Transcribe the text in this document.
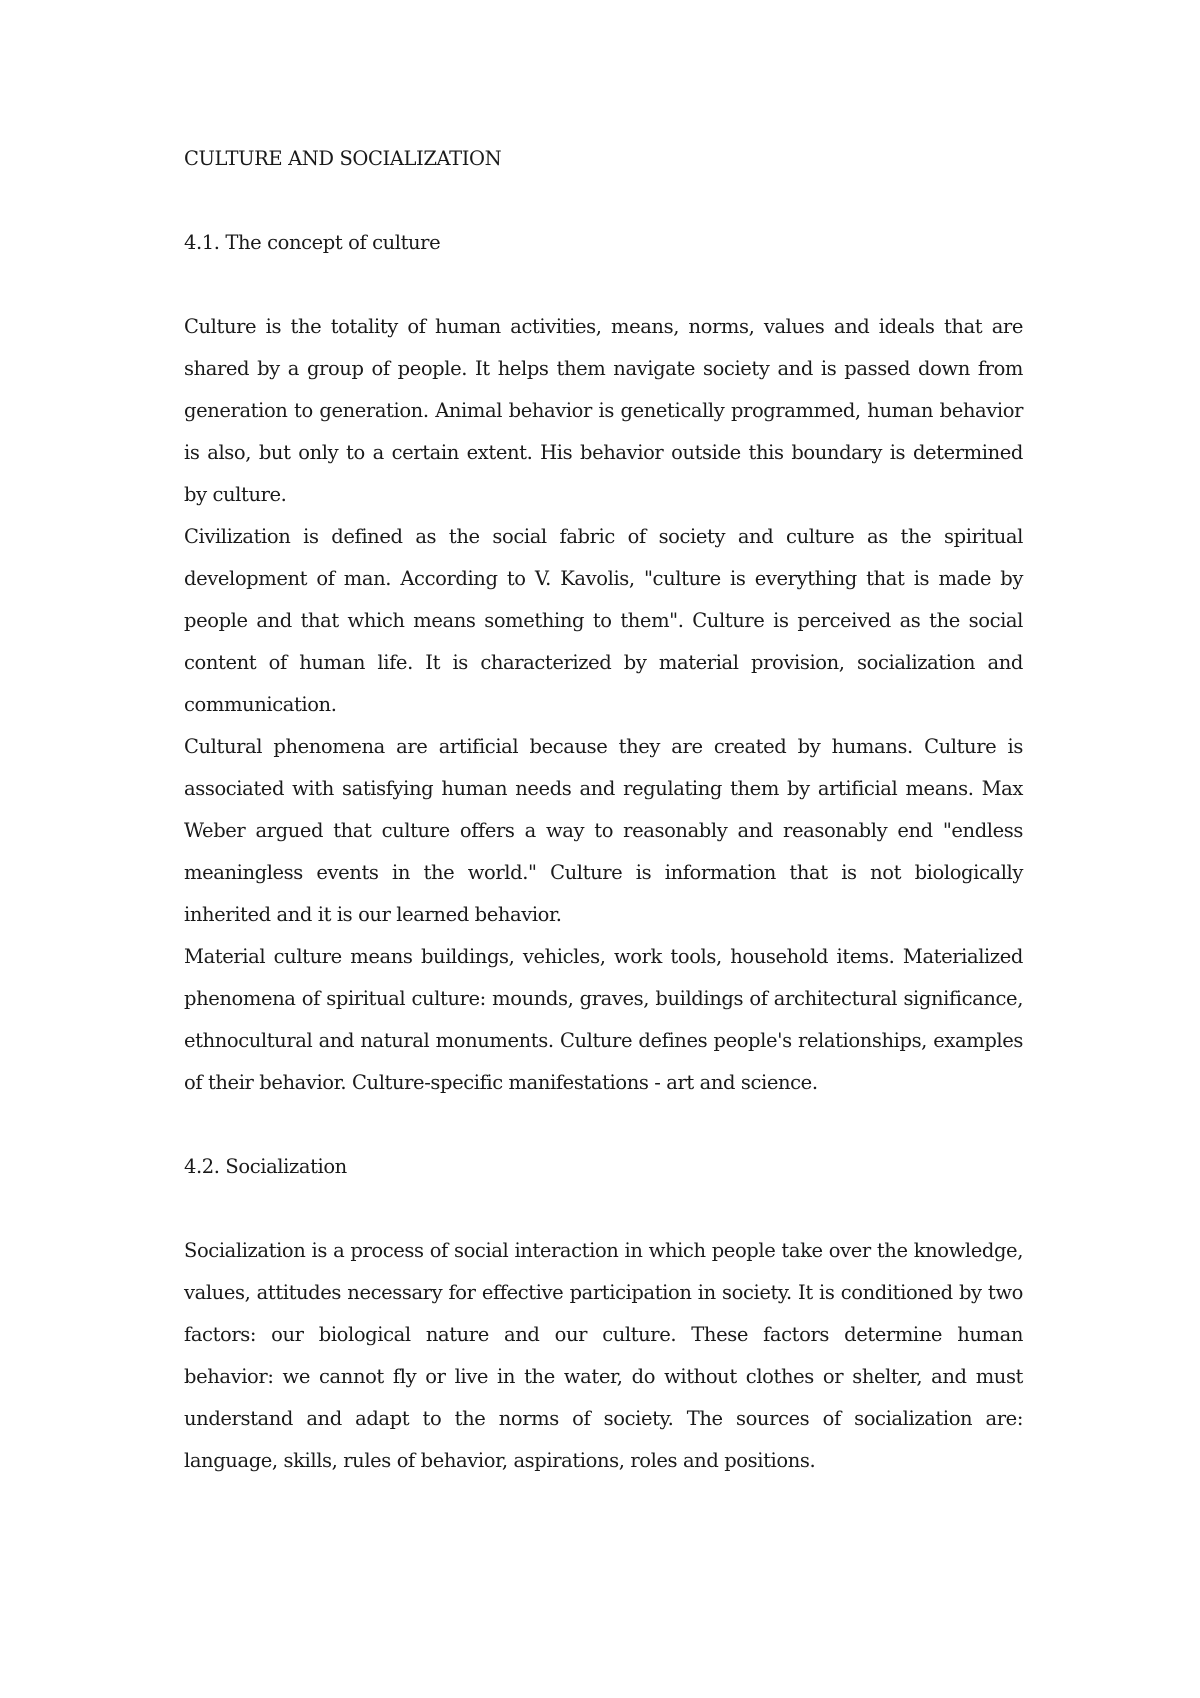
CULTURE AND SOCIALIZATION
4.1. The concept of culture

Culture is the totality of human activities, means, norms, values and ideals that are shared by a group of people. It helps them navigate society and is passed down from generation to generation. Animal behavior is genetically programmed, human behavior is also, but only to a certain extent. His behavior outside this boundary is determined by culture.

Civilization is defined as the social fabric of society and culture as the spiritual development of man. According to V. Kavolis, "culture is everything that is made by people and that which means something to them". Culture is perceived as the social content of human life. It is characterized by material provision, socialization and communication.

Cultural phenomena are artificial because they are created by humans. Culture is associated with satisfying human needs and regulating them by artificial means. Max Weber argued that culture offers a way to reasonably and reasonably end "endless meaningless events in the world." Culture is information that is not biologically inherited and it is our learned behavior.

Material culture means buildings, vehicles, work tools, household items. Materialized phenomena of spiritual culture: mounds, graves, buildings of architectural significance, ethnocultural and natural monuments. Culture defines people's relationships, examples of their behavior. Culture-specific manifestations - art and science.

4.2. Socialization

Socialization is a process of social interaction in which people take over the knowledge, values, attitudes necessary for effective participation in society. It is conditioned by two factors: our biological nature and our culture. These factors determine human behavior: we cannot fly or live in the water, do without clothes or shelter, and must understand and adapt to the norms of society. The sources of socialization are: language, skills, rules of behavior, aspirations, roles and positions.
